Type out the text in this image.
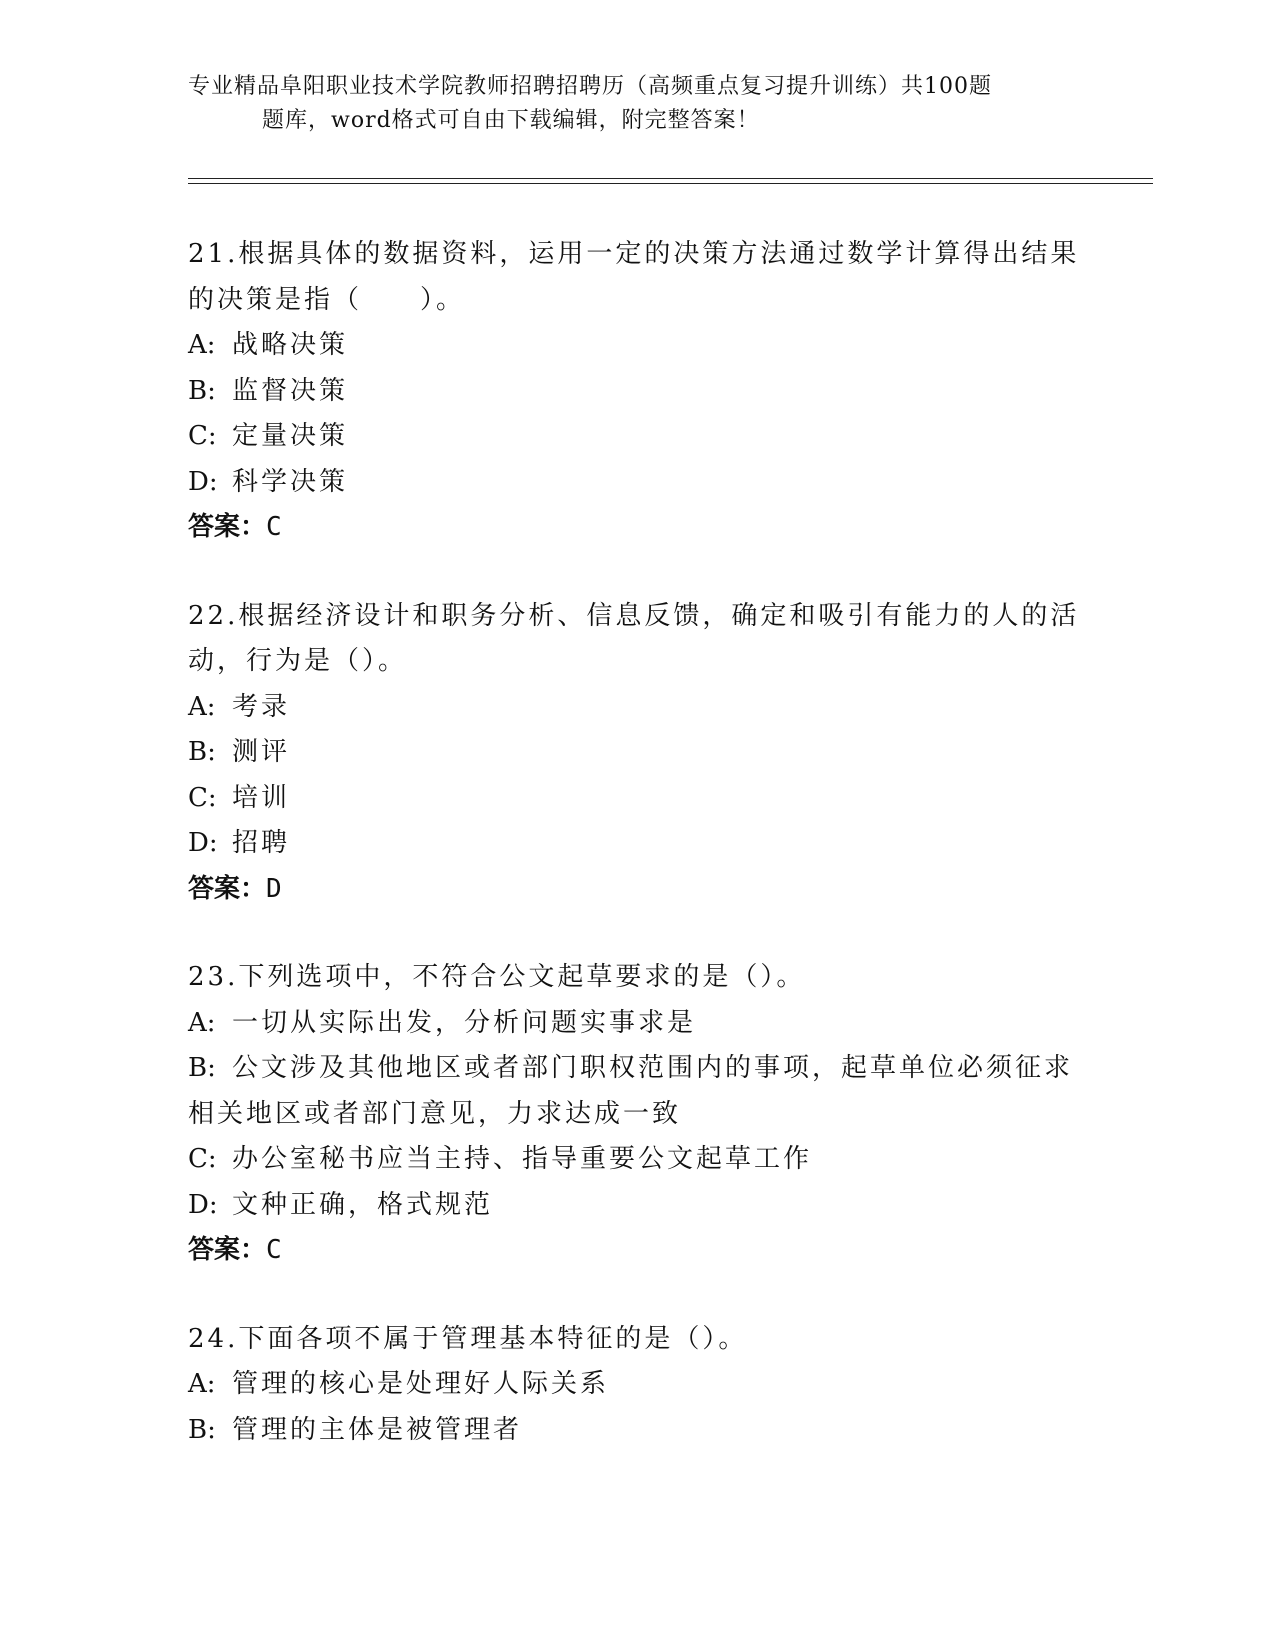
专业精品阜阳职业技术学院教师招聘招聘历（高频重点复习提升训练）共100题
题库，word格式可自由下载编辑，附完整答案！
21.根据具体的数据资料，运用一定的决策方法通过数学计算得出结果的决策是指（　　）。
A: 战略决策
B: 监督决策
C: 定量决策
D: 科学决策
答案：C
22.根据经济设计和职务分析、信息反馈，确定和吸引有能力的人的活动，行为是（）。
A: 考录
B: 测评
C: 培训
D: 招聘
答案：D
23.下列选项中，不符合公文起草要求的是（）。
A: 一切从实际出发，分析问题实事求是
B: 公文涉及其他地区或者部门职权范围内的事项，起草单位必须征求相关地区或者部门意见，力求达成一致
C: 办公室秘书应当主持、指导重要公文起草工作
D: 文种正确，格式规范
答案：C
24.下面各项不属于管理基本特征的是（）。
A: 管理的核心是处理好人际关系
B: 管理的主体是被管理者
